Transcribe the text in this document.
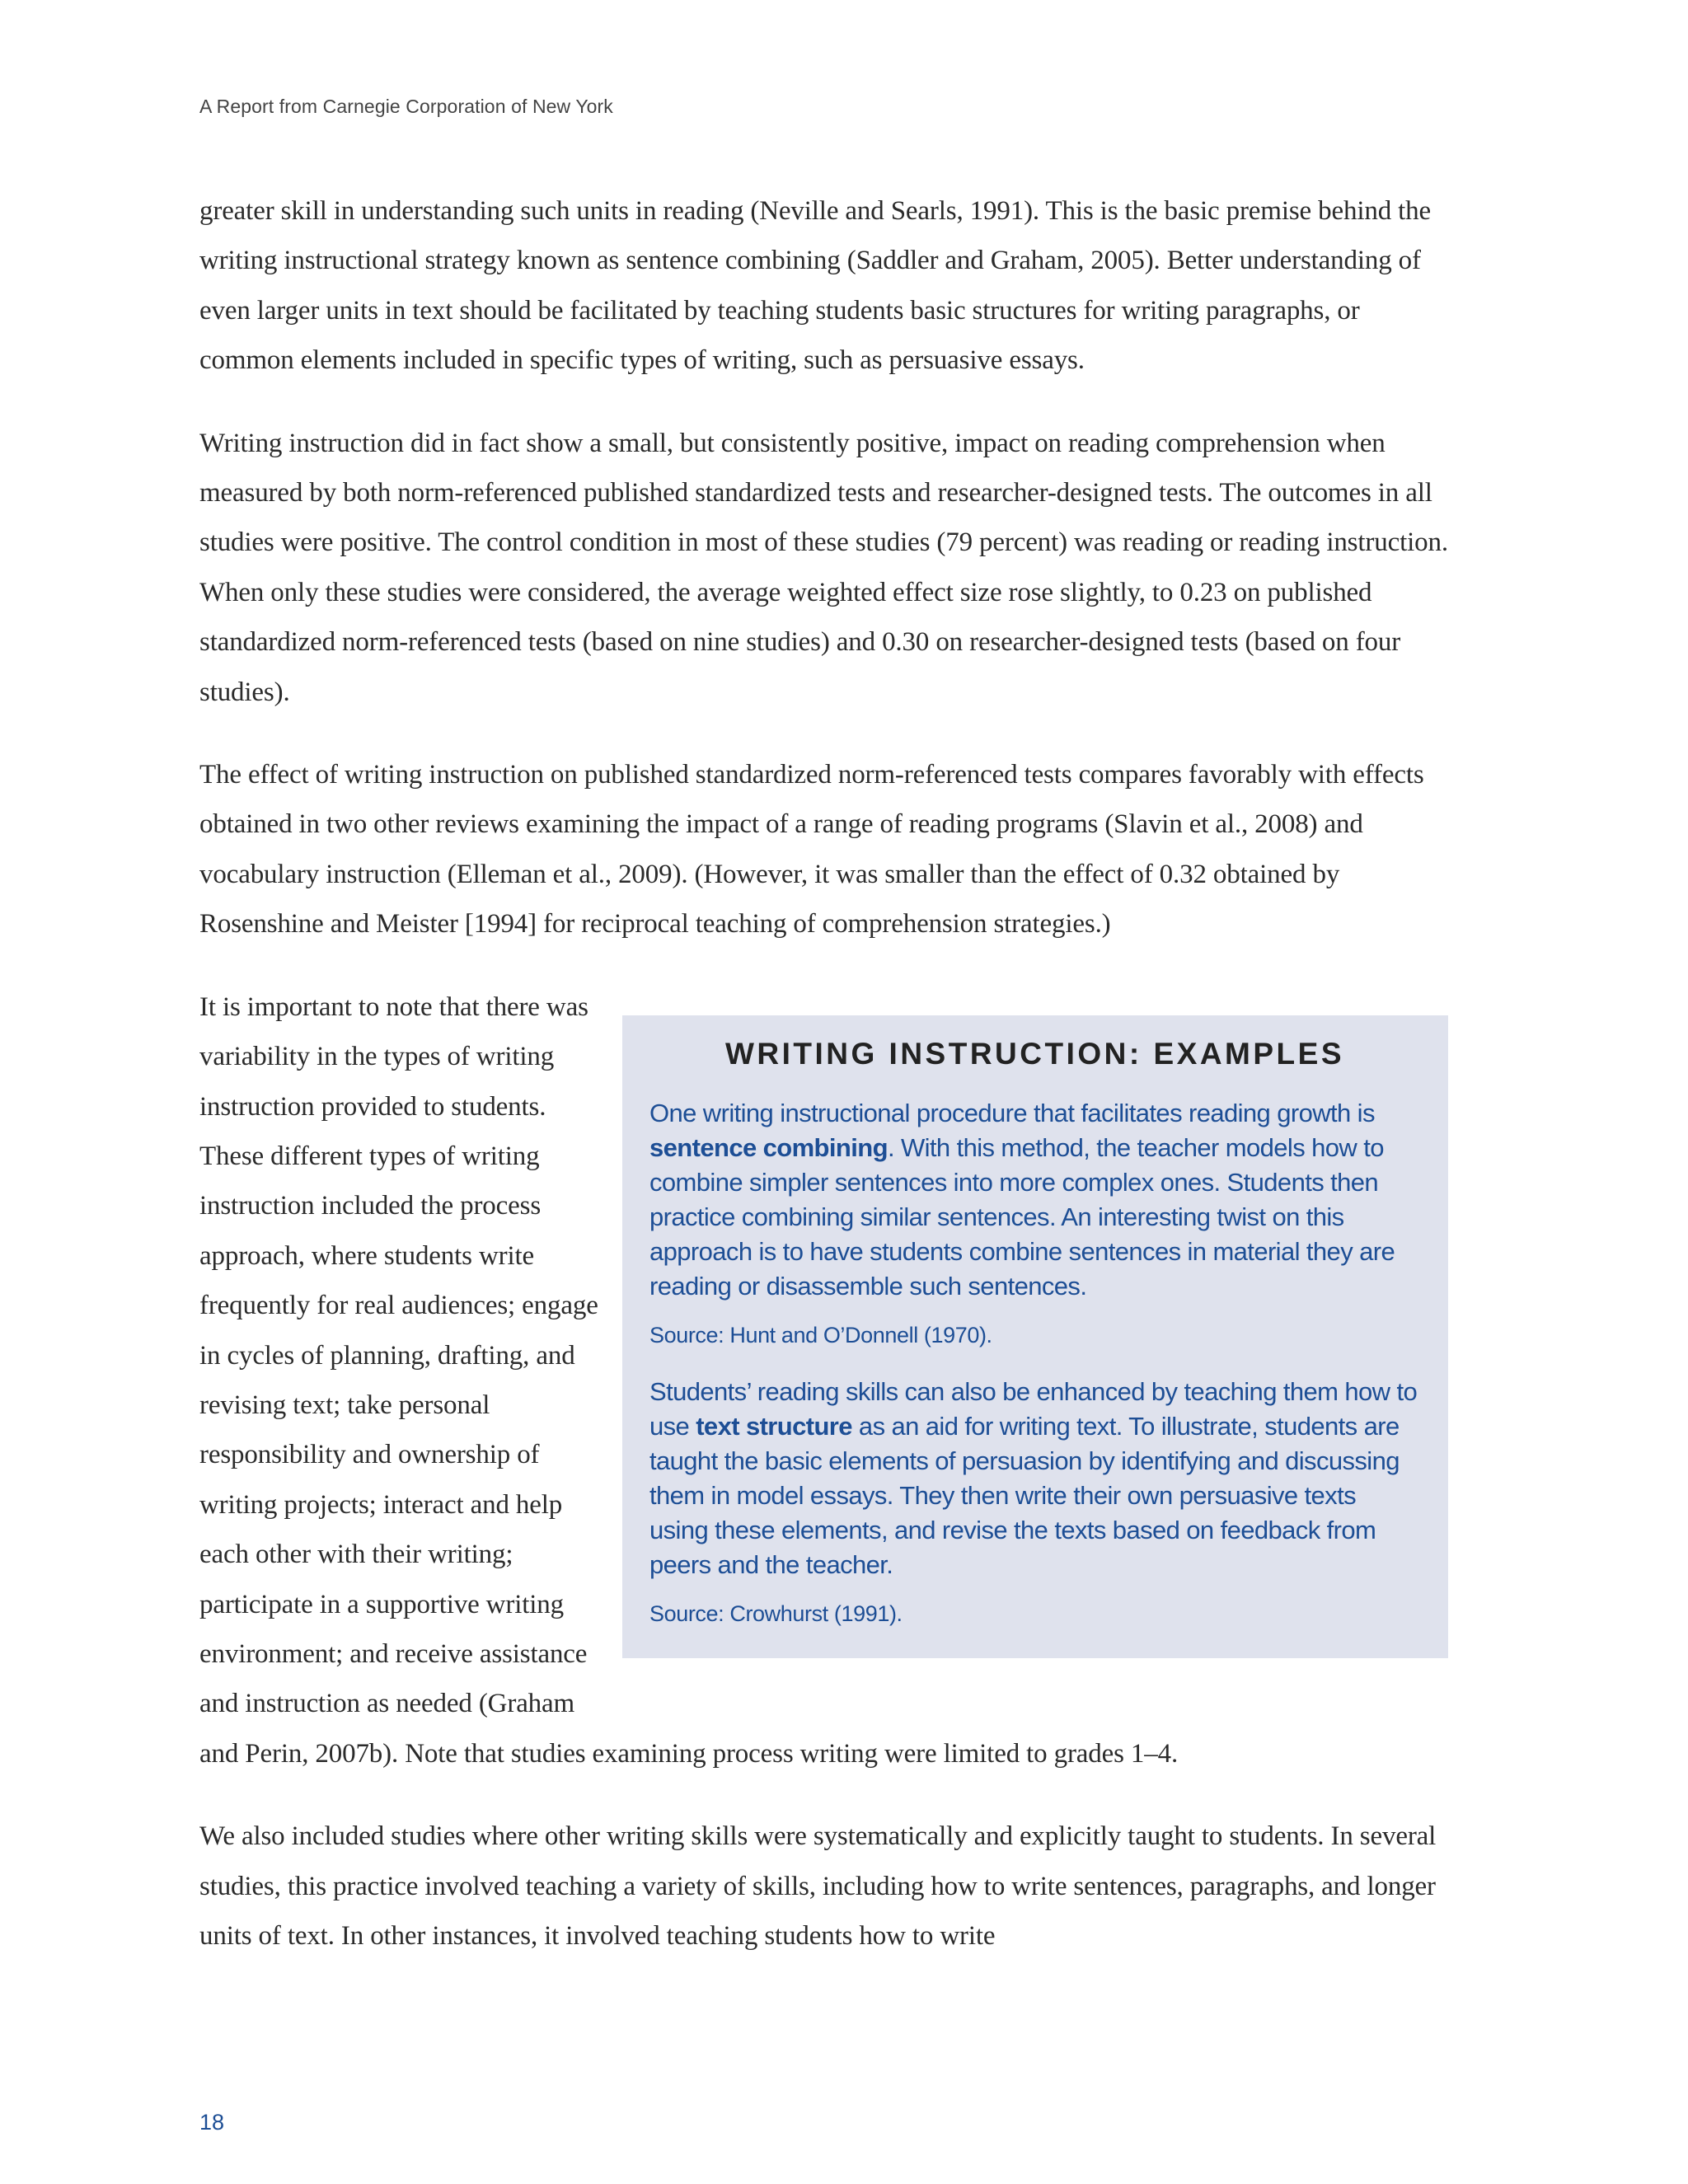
A Report from Carnegie Corporation of New York

greater skill in understanding such units in reading (Neville and Searls, 1991). This is the basic premise behind the writing instructional strategy known as sentence combining (Saddler and Graham, 2005). Better understanding of even larger units in text should be facilitated by teaching students basic structures for writing paragraphs, or common elements included in specific types of writing, such as persuasive essays.

Writing instruction did in fact show a small, but consistently positive, impact on reading comprehension when measured by both norm-referenced published standardized tests and researcher-designed tests. The outcomes in all studies were positive. The control condition in most of these studies (79 percent) was reading or reading instruction. When only these studies were considered, the average weighted effect size rose slightly, to 0.23 on published standardized norm-referenced tests (based on nine studies) and 0.30 on researcher-designed tests (based on four studies).

The effect of writing instruction on published standardized norm-referenced tests compares favorably with effects obtained in two other reviews examining the impact of a range of reading programs (Slavin et al., 2008) and vocabulary instruction (Elleman et al., 2009). (However, it was smaller than the effect of 0.32 obtained by Rosenshine and Meister [1994] for reciprocal teaching of comprehension strategies.)

WRITING INSTRUCTION: EXAMPLES
One writing instructional procedure that facilitates reading growth is sentence combining. With this method, the teacher models how to combine simpler sentences into more complex ones. Students then practice combining similar sentences. An interesting twist on this approach is to have students combine sentences in material they are reading or disassemble such sentences.
Source: Hunt and O’Donnell (1970).
Students’ reading skills can also be enhanced by teaching them how to use text structure as an aid for writing text. To illustrate, students are taught the basic elements of persuasion by identifying and discussing them in model essays. They then write their own persuasive texts using these elements, and revise the texts based on feedback from peers and the teacher.
Source: Crowhurst (1991).
It is important to note that there was variability in the types of writing instruction provided to students. These different types of writing instruction included the process approach, where students write frequently for real audiences; engage in cycles of planning, drafting, and revising text; take personal responsibility and ownership of writing projects; interact and help each other with their writing; participate in a supportive writing environment; and receive assistance and instruction as needed (Graham and Perin, 2007b). Note that studies examining process writing were limited to grades 1–4.

We also included studies where other writing skills were systematically and explicitly taught to students. In several studies, this practice involved teaching a variety of skills, including how to write sentences, paragraphs, and longer units of text. In other instances, it involved teaching students how to write

18
